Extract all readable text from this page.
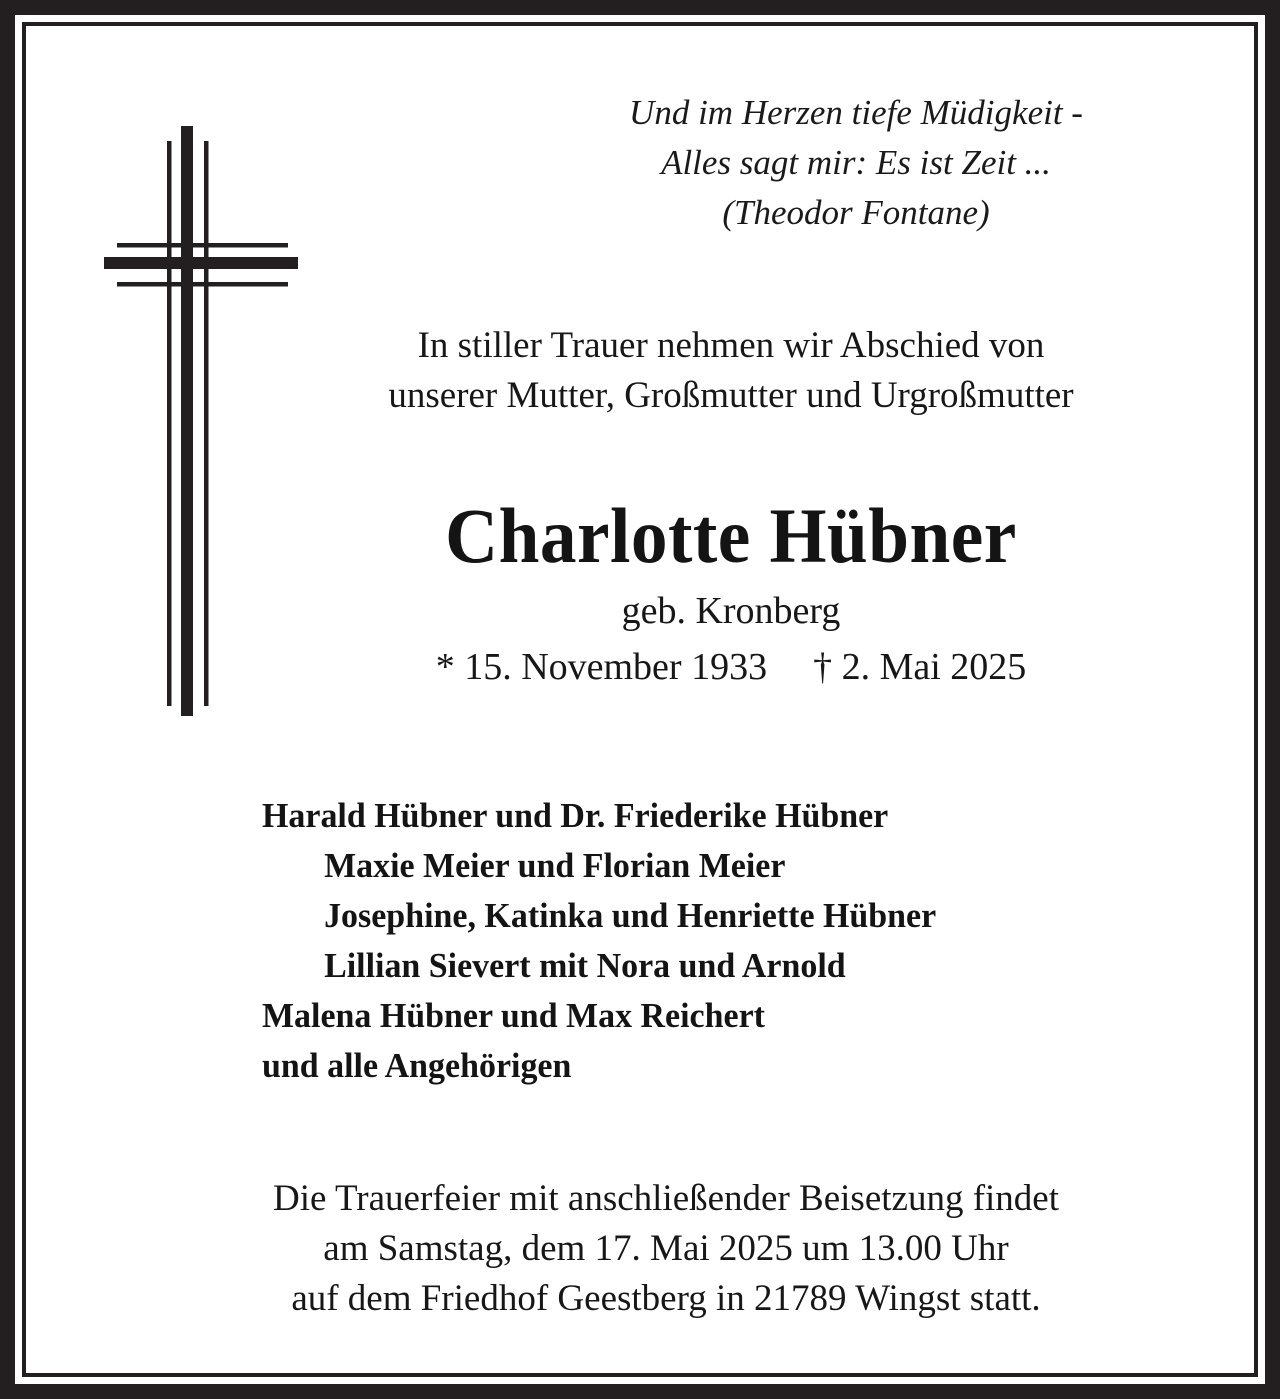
Und im Herzen tiefe Müdigkeit -
Alles sagt mir: Es ist Zeit ...
(Theodor Fontane)
In stiller Trauer nehmen wir Abschied von
unserer Mutter, Großmutter und Urgroßmutter
Charlotte Hübner
geb. Kronberg
* 15. November 1933 † 2. Mai 2025
Harald Hübner und Dr. Friederike Hübner
Maxie Meier und Florian Meier
Josephine, Katinka und Henriette Hübner
Lillian Sievert mit Nora und Arnold
Malena Hübner und Max Reichert
und alle Angehörigen
Die Trauerfeier mit anschließender Beisetzung findet
am Samstag, dem 17. Mai 2025 um 13.00 Uhr
auf dem Friedhof Geestberg in 21789 Wingst statt.
